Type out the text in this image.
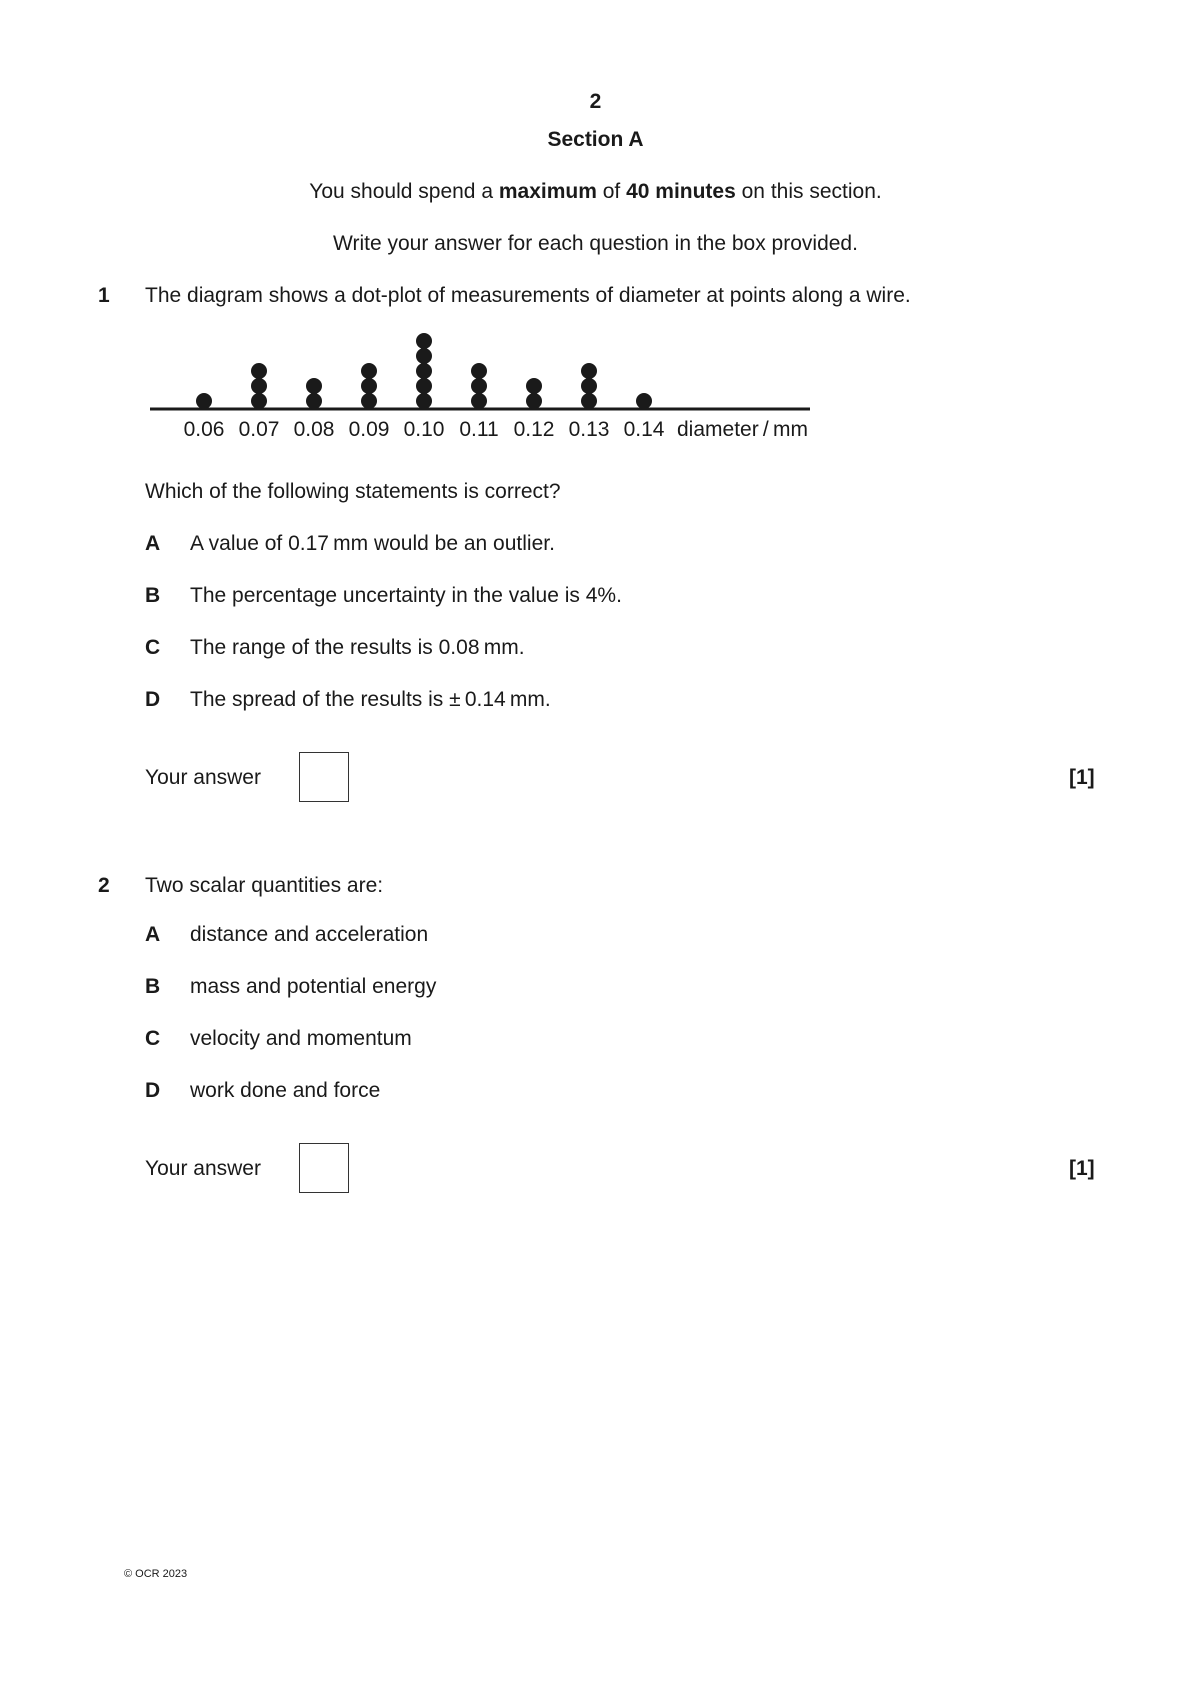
2
Section A
You should spend a maximum of 40 minutes on this section.
Write your answer for each question in the box provided.
1 The diagram shows a dot-plot of measurements of diameter at points along a wire.
0.06 0.07 0.08 0.09 0.10 0.11 0.12 0.13 0.14 diameter / mm
Which of the following statements is correct?
A A value of 0.17 mm would be an outlier.
B The percentage uncertainty in the value is 4%.
C The range of the results is 0.08 mm.
D The spread of the results is ± 0.14 mm.
Your answer	[1]
2 Two scalar quantities are:
A distance and acceleration
B mass and potential energy
C velocity and momentum
D work done and force
Your answer	[1]
© OCR 2023
